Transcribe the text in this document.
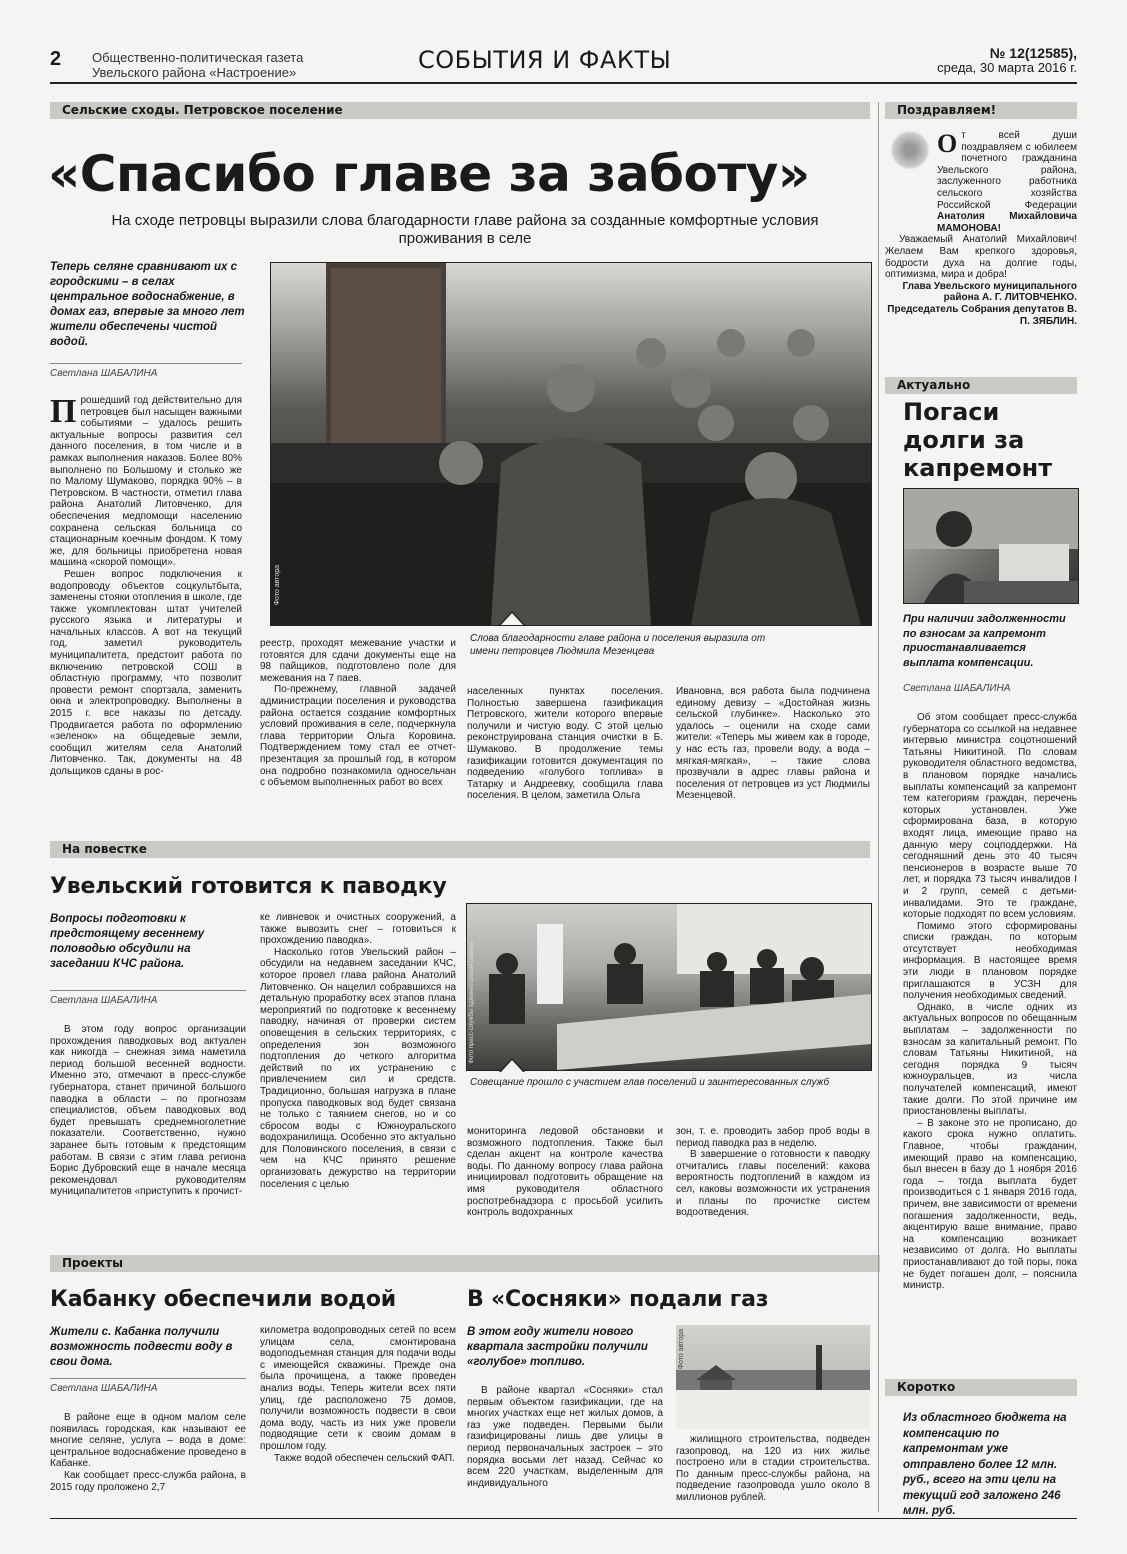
2 Общественно-политическая газета
Увельского района «Настроение»	СОБЫТИЯ И ФАКТЫ	№ 12(12585),
среда, 30 марта 2016 г.
Сельские сходы. Петровское поселение
«Спасибо главе за заботу»
На сходе петровцы выразили слова благодарности главе района за созданные комфортные условия проживания в селе
Теперь селяне сравнивают их с городскими – в селах центральное водоснабжение, в домах газ, впервые за много лет жители обеспечены чистой водой.
Светлана ШАБАЛИНА
Прошедший год действительно для петровцев был насыщен важными событиями – удалось решить актуальные вопросы развития сел данного поселения, в том числе и в рамках выполнения наказов. Более 80% выполнено по Большому и столько же по Малому Шумаково, порядка 90% – в Петровском. В частности, отметил глава района Анатолий Литовченко, для обеспечения медпомощи населению сохранена сельская больница со стационарным коечным фондом. К тому же, для больницы приобретена новая машина «скорой помощи».

Решен вопрос подключения к водопроводу объектов соцкультбыта, заменены стояки отопления в школе, где также укомплектован штат учителей русского языка и литературы и начальных классов. А вот на текущий год, заметил руководитель муниципалитета, предстоит работа по включению петровской СОШ в областную программу, что позволит провести ремонт спортзала, заменить окна и электропроводку. Выполнены в 2015 г. все наказы по детсаду. Продвигается работа по оформлению «зеленок» на общедевые земли, сообщил жителям села Анатолий Литовченко. Так, документы на 48 дольщиков сданы в рос-

Фото автора
Слова благодарности главе района и поселения выразила от имени петровцев Людмила Мезенцева
реестр, проходят межевание участки и готовятся для сдачи документы еще на 98 пайщиков, подготовлено поле для межевания на 7 паев.

По-прежнему, главной задачей администрации поселения и руководства района остается создание комфортных условий проживания в селе, подчеркнула глава территории Ольга Коровина. Подтверждением тому стал ее отчет-презентация за прошлый год, в котором она подробно познакомила односельчан с объемом выполненных работ во всех

населенных пунктах поселения. Полностью завершена газификация Петровского, жители которого впервые получили и чистую воду. С этой целью реконструирована станция очистки в Б. Шумаково. В продолжение темы газификации готовится документация по подведению «голубого топлива» в Татарку и Андреевку, сообщила глава поселения. В целом, заметила Ольга
Ивановна, вся работа была подчинена единому девизу – «Достойная жизнь сельской глубинке». Насколько это удалось – оценили на сходе сами жители: «Теперь мы живем как в городе, у нас есть газ, провели воду, а вода – мягкая-мягкая», – такие слова прозвучали в адрес главы района и поселения от петровцев из уст Людмилы Мезенцевой.
Поздравляем!
От всей души поздравляем с юбилеем почетного гражданина Увельского района, заслуженного работника сельского хозяйства Российской Федерации Анатолия Михайловича МАМОНОВА!

Уважаемый Анатолий Михайлович! Желаем Вам крепкого здоровья, бодрости духа на долгие годы, оптимизма, мира и добра!

Глава Увельского муниципального района А. Г. ЛИТОВЧЕНКО.
Председатель Собрания депутатов В. П. ЗЯБЛИН.
Актуально
Погаси долги за капремонт
При наличии задолженности по взносам за капремонт приостанавливается выплата компенсации.
Светлана ШАБАЛИНА

Об этом сообщает пресс-служба губернатора со ссылкой на недавнее интервью министра соцотношений Татьяны Никитиной. По словам руководителя областного ведомства, в плановом порядке начались выплаты компенсаций за капремонт тем категориям граждан, перечень которых установлен. Уже сформирована база, в которую входят лица, имеющие право на данную меру соцподдержки. На сегодняшний день это 40 тысяч пенсионеров в возрасте выше 70 лет, и порядка 73 тысяч инвалидов I и 2 групп, семей с детьми-инвалидами. Это те граждане, которые подходят по всем условиям.

Помимо этого сформированы списки граждан, по которым отсутствует необходимая информация. В настоящее время эти люди в плановом порядке приглашаются в УСЗН для получения необходимых сведений.

Однако, в числе одних из актуальных вопросов по обещанным выплатам – задолженности по взносам за капитальный ремонт. По словам Татьяны Никитиной, на сегодня порядка 9 тысяч южноуральцев, из числа получателей компенсаций, имеют такие долги. По этой причине им приостановлены выплаты.

– В законе это не прописано, до какого срока нужно оплатить. Главное, чтобы гражданин, имеющий право на компенсацию, был внесен в базу до 1 ноября 2016 года – тогда выплата будет производиться с 1 января 2016 года, причем, вне зависимости от времени погашения задолженности, ведь, акцентирую ваше внимание, право на компенсацию возникает независимо от долга. Но выплаты приостанавливают до той поры, пока не будет погашен долг, – пояснила министр.

На повестке
Увельский готовится к паводку
Вопросы подготовки к предстоящему весеннему половодью обсудили на заседании КЧС района.
Светлана ШАБАЛИНА

В этом году вопрос организации прохождения паводковых вод актуален как никогда – снежная зима наметила период большой весенней водности. Именно это, отмечают в пресс-службе губернатора, станет причиной большого паводка в области – по прогнозам специалистов, объем паводковых вод будет превышать среднемноголетние показатели. Соответственно, нужно заранее быть готовым к предстоящим работам. В связи с этим глава региона Борис Дубровский еще в начале месяца рекомендовал руководителям муниципалитетов «приступить к прочист-

ке ливневок и очистных сооружений, а также вывозить снег – готовиться к прохождению паводка».

Насколько готов Увельский район – обсудили на недавнем заседании КЧС, которое провел глава района Анатолий Литовченко. Он нацелил собравшихся на детальную проработку всех этапов плана мероприятий по подготовке к весеннему паводку, начиная от проверки систем оповещения в сельских территориях, с определения зон возможного подтопления до четкого алгоритма действий по их устранению с привлечением сил и средств. Традиционно, большая нагрузка в плане пропуска паводковых вод будет связана не только с таянием снегов, но и со сбросом воды с Южноуральского водохранилища. Особенно это актуально для Половинского поселения, в связи с чем на КЧС принято решение организовать дежурство на территории поселения с целью

Фото пресс-службы администрации района
Совещание прошло с участием глав поселений и заинтересованных служб
мониторинга ледовой обстановки и возможного подтопления. Также был сделан акцент на контроле качества воды. По данному вопросу глава района инициировал подготовить обращение на имя руководителя областного роспотребнадзора с просьбой усилить контроль водохранных
зон, т. е. проводить забор проб воды в период паводка раз в неделю.

В завершение о готовности к паводку отчитались главы поселений: какова вероятность подтоплений в каждом из сел, каковы возможности их устранения и планы по прочистке систем водоотведения.

Проекты
Кабанку обеспечили водой
Жители с. Кабанка получили возможность подвести воду в свои дома.
Светлана ШАБАЛИНА

В районе еще в одном малом селе появилась городская, как называют ее многие селяне, услуга – вода в доме: центральное водоснабжение проведено в Кабанке.

Как сообщает пресс-служба района, в 2015 году проложено 2,7

километра водопроводных сетей по всем улицам села, смонтирована водоподъемная станция для подачи воды с имеющейся скважины. Прежде она была прочищена, а также проведен анализ воды. Теперь жители всех пяти улиц, где расположено 75 домов, получили возможность подвести в свои дома воду, часть из них уже провели подводящие сети к своим домам в прошлом году.

Также водой обеспечен сельский ФАП.

В «Сосняки» подали газ
В этом году жители нового квартала застройки получили «голубое» топливо.

В районе квартал «Сосняки» стал первым объектом газификации, где на многих участках еще нет жилых домов, а газ уже подведен. Первыми были газифицированы лишь две улицы в период первоначальных застроек – это порядка восьми лет назад. Сейчас ко всем 220 участкам, выделенным для индивидуального

Фото автора

жилищного строительства, подведен газопровод, на 120 из них жилье построено или в стадии строительства. По данным пресс-службы района, на подведение газопровода ушло около 8 миллионов рублей.

Коротко
Из областного бюджета на компенсацию по капремонтам уже отправлено более 12 млн. руб., всего на эти цели на текущий год заложено 246 млн. руб.
